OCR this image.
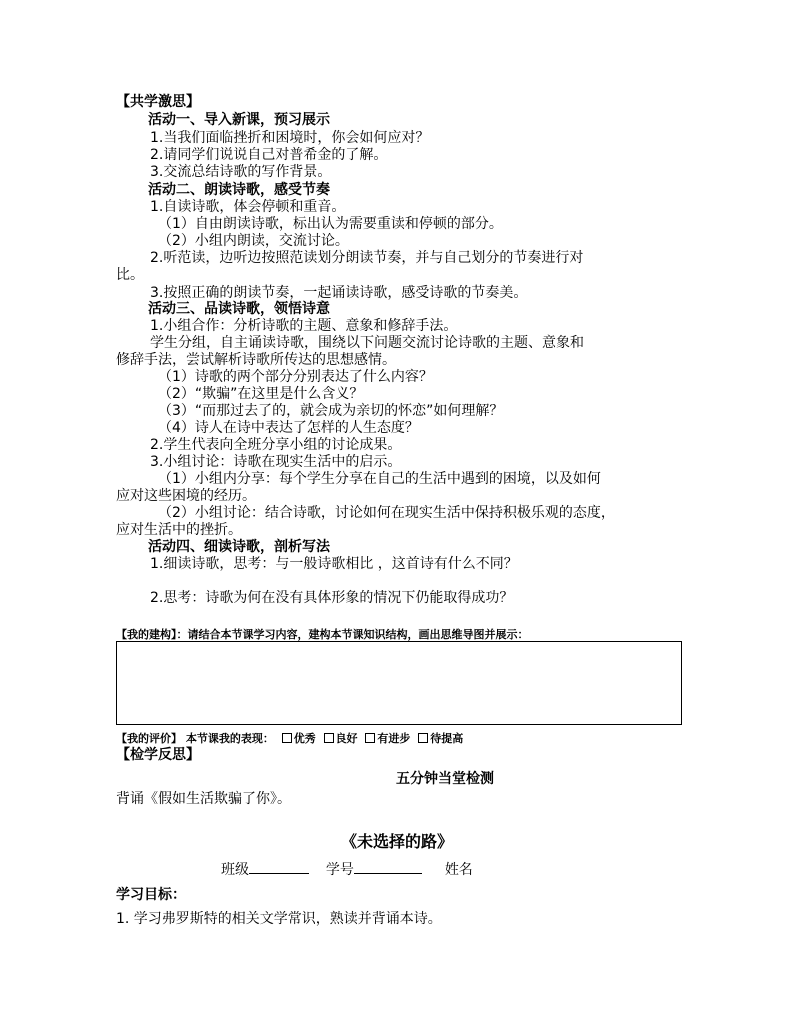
【共学激思】
活动一、导入新课，预习展示
1.当我们面临挫折和困境时，你会如何应对？
2.请同学们说说自己对普希金的了解。
3.交流总结诗歌的写作背景。
活动二、朗读诗歌，感受节奏
1.自读诗歌，体会停顿和重音。
（1）自由朗读诗歌，标出认为需要重读和停顿的部分。
（2）小组内朗读，交流讨论。
2.听范读，边听边按照范读划分朗读节奏，并与自己划分的节奏进行对
比。
3.按照正确的朗读节奏，一起诵读诗歌，感受诗歌的节奏美。
活动三、品读诗歌，领悟诗意
1.小组合作：分析诗歌的主题、意象和修辞手法。
学生分组，自主诵读诗歌，围绕以下问题交流讨论诗歌的主题、意象和
修辞手法，尝试解析诗歌所传达的思想感情。
（1）诗歌的两个部分分别表达了什么内容？
（2）“欺骗”在这里是什么含义？
（3）“而那过去了的，就会成为亲切的怀恋”如何理解？
（4）诗人在诗中表达了怎样的人生态度？
2.学生代表向全班分享小组的讨论成果。
3.小组讨论：诗歌在现实生活中的启示。
（1）小组内分享：每个学生分享在自己的生活中遇到的困境，以及如何
应对这些困境的经历。
（2）小组讨论：结合诗歌，讨论如何在现实生活中保持积极乐观的态度，
应对生活中的挫折。
活动四、细读诗歌，剖析写法
1.细读诗歌，思考：与一般诗歌相比 ，这首诗有什么不同？
2.思考：诗歌为何在没有具体形象的情况下仍能取得成功？
【我的建构】：请结合本节课学习内容，建构本节课知识结构，画出思维导图并展示：
【我的评价】 本节课我的表现： 优秀 良好 有进步 待提高
【检学反思】
五分钟当堂检测
背诵《假如生活欺骗了你》。
《未选择的路》
班级	学号	姓名
学习目标：
1. 学习弗罗斯特的相关文学常识，熟读并背诵本诗。
